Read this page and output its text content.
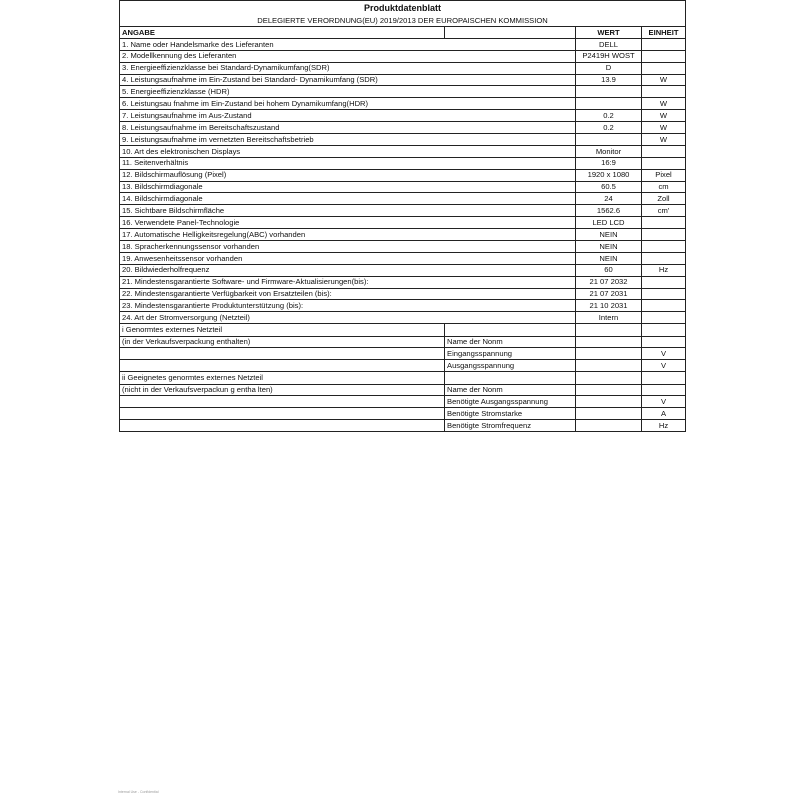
Produktdatenblatt			
DELEGIERTE VERORDNUNG(EU) 2019/2013 DER EUROPAISCHEN KOMMISSION			
ANGABE		WERT	EINHEIT
1. Name oder Handelsmarke des Lieferanten		DELL	
2. Modellkennung des Lieferanten		P2419H WOST	
3. Energieeffizienzklasse bei Standard-Dynamikumfang(SDR)		D	
4. Leistungsaufnahme im Ein-Zustand bei Standard- Dynamikumfang (SDR)		13.9	W
5. Energieeffizienzklasse (HDR)			
6. Leistungsau fnahme im Ein-Zustand bei hohem Dynamikumfang(HDR)			W
7. Leistungsaufnahme im Aus-Zustand		0.2	W
8. Leistungsaufnahme im Bereitschaftszustand		0.2	W
9. Leistungsaufnahme im vernetzten Bereitschaftsbetrieb			W
10. Art des elektronischen Displays		Monitor	
11. Seitenverhältnis		16:9	
12. Bildschirmauflösung (Pixel)		1920 x 1080	Pixel
13. Bildschirmdiagonale		60.5	cm
14. Bildschirmdiagonale		24	Zoll
15. Sichtbare Bildschirmfläche		1562.6	cm'
16. Verwendete Panel-Technologie		LED LCD	
17. Automatische Helligkeitsregelung(ABC) vorhanden		NEIN	
18. Spracherkennungssensor vorhanden		NEIN	
19. Anwesenheitssensor vorhanden		NEIN	
20. Bildwiederholfrequenz		60	Hz
21. Mindestensgarantierte Software- und Firmware-Aktualisierungen(bis):		21 07 2032	
22. Mindestensgarantierte Verfügbarkeit von Ersatzteilen (bis):		21 07 2031	
23. Mindestensgarantierte Produktunterstützung (bis):		21 10 2031	
24. Art der Stromversorgung (Netzteil)		Intern	
i Genormtes externes Netzteil			
(in der Verkaufsverpackung enthalten)	Name der Nonm		
	Eingangsspannung		V
	Ausgangsspannung		V
ii Geeignetes genormtes externes Netzteil			
(nicht in der Verkaufsverpackun g entha lten)	Name der Nonm		
	Benötigte Ausgangsspannung		V
	Benötigte Stromstarke		A
	Benötigte Stromfrequenz		Hz
Internal Use - Confidential
